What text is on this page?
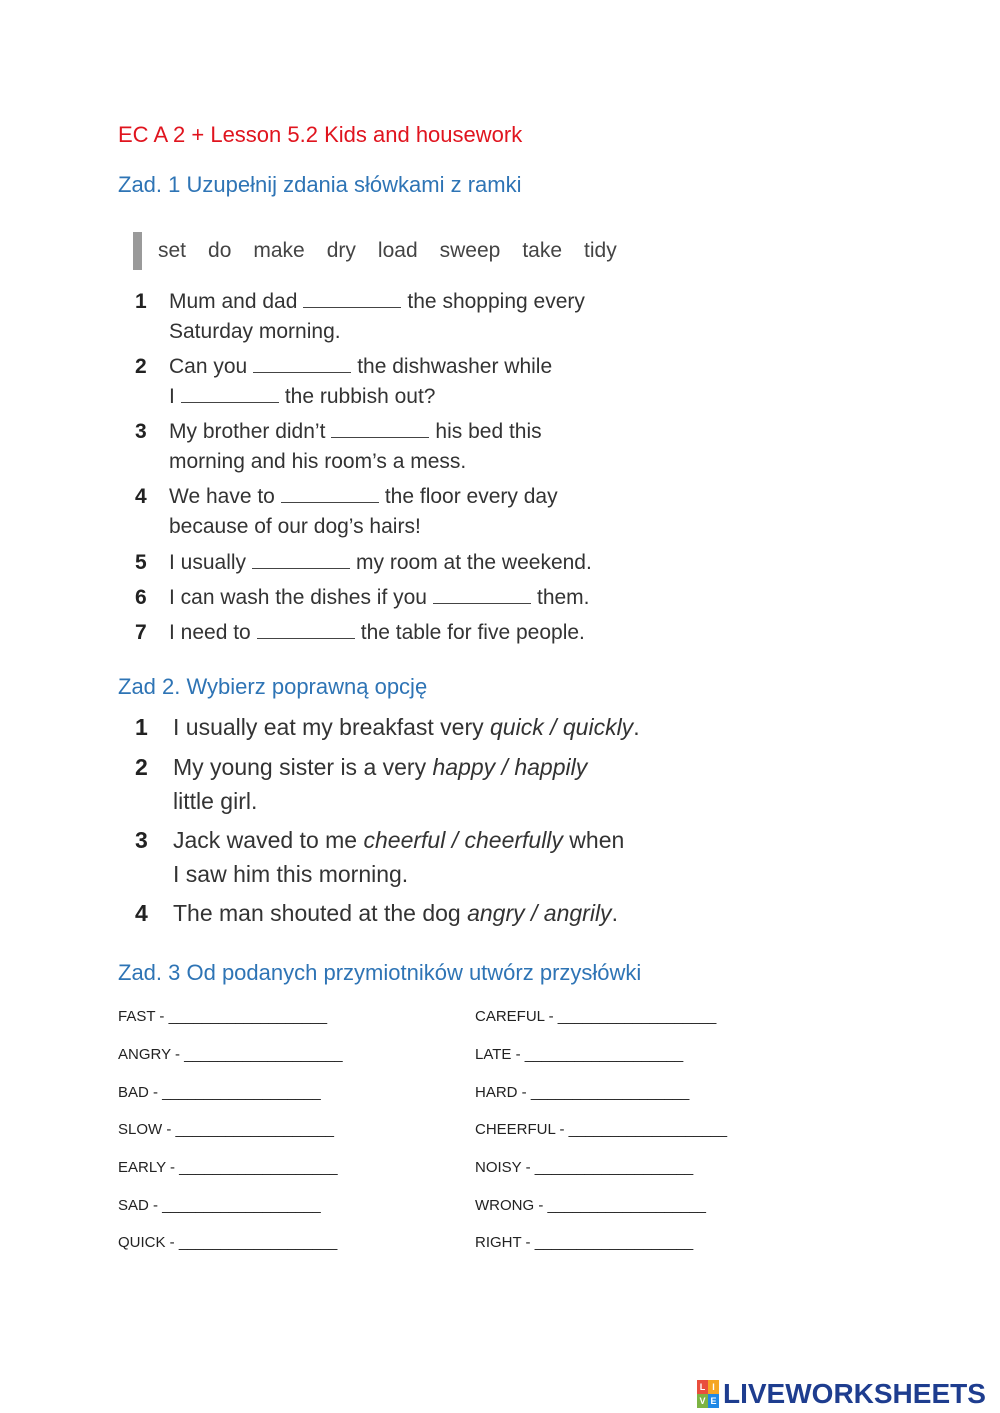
EC A 2 + Lesson 5.2 Kids and housework
Zad. 1 Uzupełnij zdania słówkami z ramki
set do make dry load sweep take tidy
1	Mum and dad	the shopping every
Saturday morning.
2	Can you	the dishwasher while
I	the rubbish out?
3	My brother didn’t	his bed this
morning and his room’s a mess.
4	We have to	the floor every day
because of our dog’s hairs!
5	I usually	my room at the weekend.
6	I can wash the dishes if you	them.
7	I need to	the table for five people.
Zad 2. Wybierz poprawną opcję
1 I usually eat my breakfast very quick / quickly.
2 My young sister is a very happy / happily
little girl.
3 Jack waved to me cheerful / cheerfully when
I saw him this morning.
4 The man shouted at the dog angry / angrily.
Zad. 3 Od podanych przymiotników utwórz przysłówki
FAST - ___________________
ANGRY - ___________________
BAD - ___________________
SLOW - ___________________
EARLY - ___________________
SAD - ___________________
QUICK - ___________________
CAREFUL - ___________________
LATE - ___________________
HARD - ___________________
CHEERFUL - ___________________
NOISY - ___________________
WRONG - ___________________
RIGHT - ___________________
L I
V E LIVEWORKSHEETS
